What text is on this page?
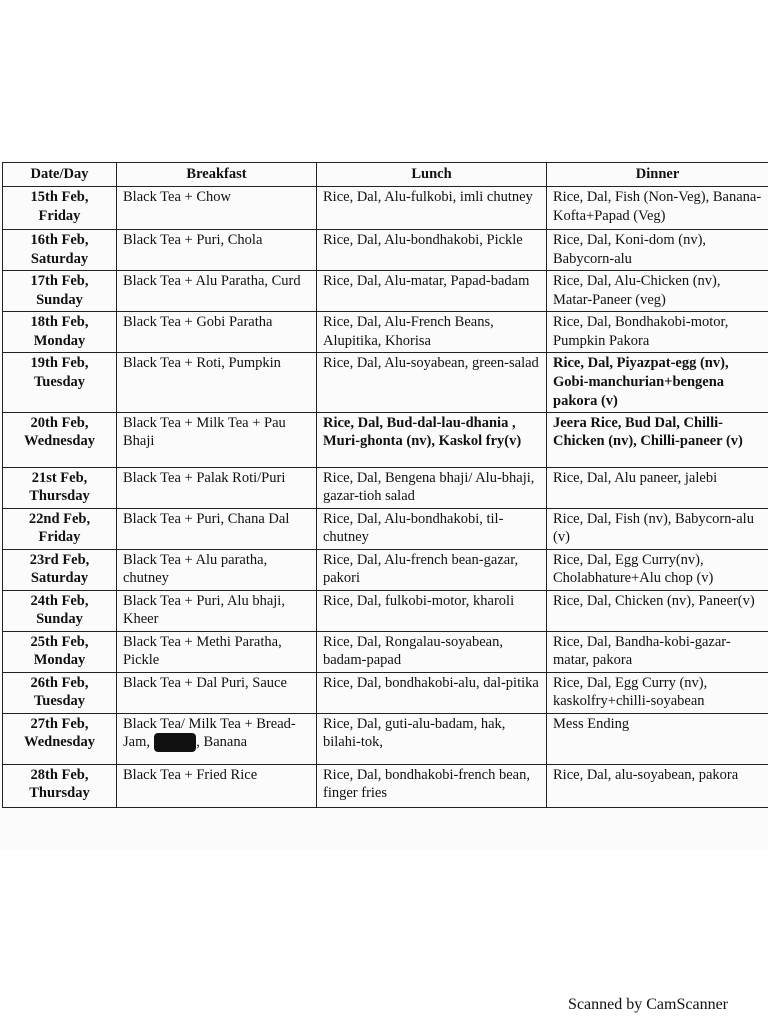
Date/Day	Breakfast	Lunch	Dinner

15th Feb,
Friday	Black Tea + Chow	Rice, Dal, Alu-fulkobi, imli chutney	Rice, Dal, Fish (Non-Veg), Banana- Kofta+Papad (Veg)

16th Feb,
Saturday	Black Tea + Puri, Chola	Rice, Dal, Alu-bondhakobi, Pickle	Rice, Dal, Koni-dom (nv), Babycorn-alu

17th Feb,
Sunday	Black Tea + Alu Paratha, Curd	Rice, Dal, Alu-matar, Papad-badam	Rice, Dal, Alu-Chicken (nv), Matar-Paneer (veg)

18th Feb,
Monday	Black Tea + Gobi Paratha	Rice, Dal, Alu-French Beans, Alupitika, Khorisa	Rice, Dal, Bondhakobi-motor, Pumpkin Pakora

19th Feb,
Tuesday	Black Tea + Roti, Pumpkin	Rice, Dal, Alu-soyabean, green-salad	Rice, Dal, Piyazpat-egg (nv), Gobi-manchurian+bengena pakora (v)

20th Feb,
Wednesday	Black Tea + Milk Tea + Pau Bhaji	Rice, Dal, Bud-dal-lau-dhania , Muri-ghonta (nv), Kaskol fry(v)	Jeera Rice, Bud Dal, Chilli-Chicken (nv), Chilli-paneer (v)

21st Feb,
Thursday	Black Tea + Palak Roti/Puri	Rice, Dal, Bengena bhaji/ Alu-bhaji, gazar-tioh salad	Rice, Dal, Alu paneer, jalebi

22nd Feb,
Friday	Black Tea + Puri, Chana Dal	Rice, Dal, Alu-bondhakobi, til-chutney	Rice, Dal, Fish (nv), Babycorn-alu (v)

23rd Feb,
Saturday	Black Tea + Alu paratha, chutney	Rice, Dal, Alu-french bean-gazar, pakori	Rice, Dal, Egg Curry(nv), Cholabhature+Alu chop (v)

24th Feb,
Sunday	Black Tea + Puri, Alu bhaji, Kheer	Rice, Dal, fulkobi-motor, kharoli	Rice, Dal, Chicken (nv), Paneer(v)

25th Feb,
Monday	Black Tea + Methi Paratha, Pickle	Rice, Dal, Rongalau-soyabean, badam-papad	Rice, Dal, Bandha-kobi-gazar-matar, pakora

26th Feb,
Tuesday	Black Tea + Dal Puri, Sauce	Rice, Dal, bondhakobi-alu, dal-pitika	Rice, Dal, Egg Curry (nv), kaskolfry+chilli-soyabean

27th Feb,
Wednesday	Black Tea/ Milk Tea + Bread-Jam, Orange, Banana	Rice, Dal, guti-alu-badam, hak, bilahi-tok,	Mess Ending

28th Feb,
Thursday	Black Tea + Fried Rice	Rice, Dal, bondhakobi-french bean, finger fries	Rice, Dal, alu-soyabean, pakora
Scanned by CamScanner
